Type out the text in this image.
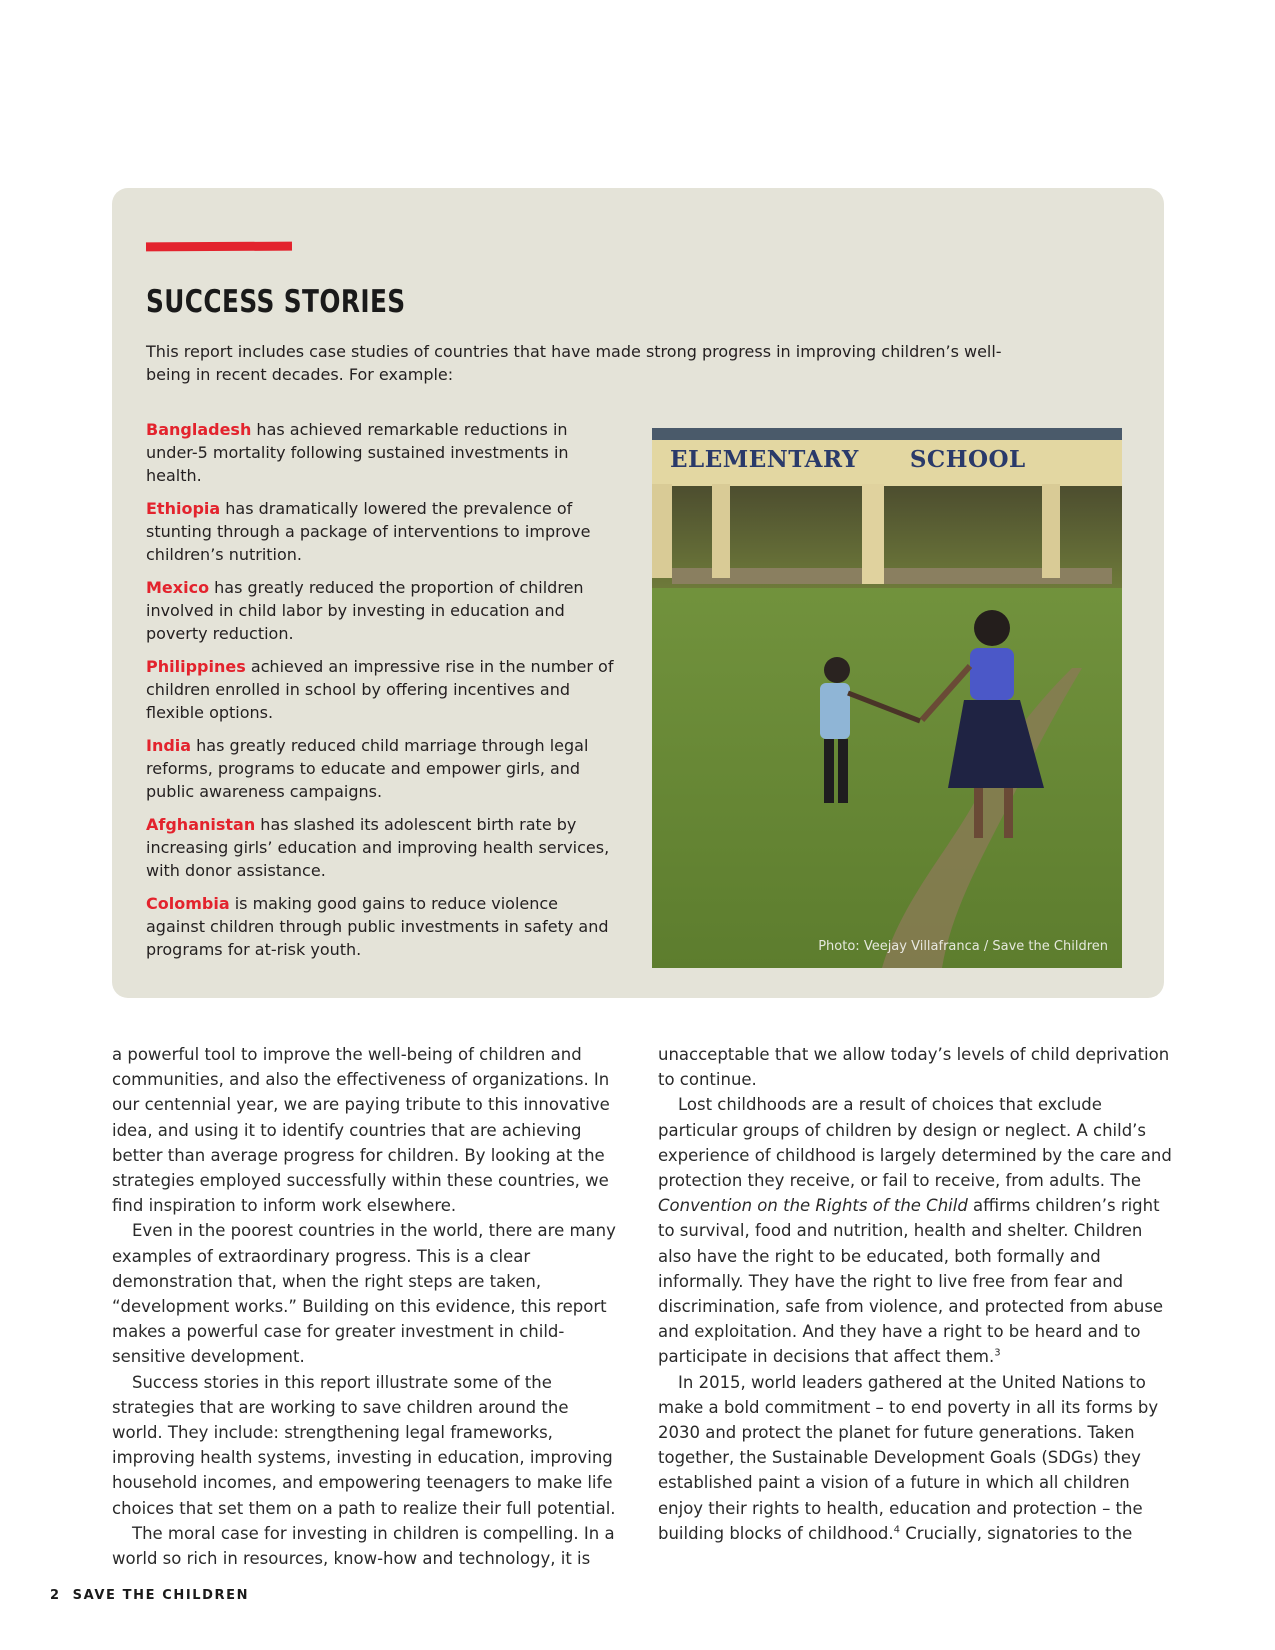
SUCCESS STORIES

This report includes case studies of countries that have made strong progress in improving children’s well-being in recent decades. For example:

Bangladesh has achieved remarkable reductions in under-5 mortality following sustained investments in health.
Ethiopia has dramatically lowered the prevalence of stunting through a package of interventions to improve children’s nutrition.
Mexico has greatly reduced the proportion of children involved in child labor by investing in education and poverty reduction.
Philippines achieved an impressive rise in the number of children enrolled in school by offering incentives and flexible options.
India has greatly reduced child marriage through legal reforms, programs to educate and empower girls, and public awareness campaigns.
Afghanistan has slashed its adolescent birth rate by increasing girls’ education and improving health services, with donor assistance.
Colombia is making good gains to reduce violence against children through public investments in safety and programs for at-risk youth.
ELEMENTARY      SCHOOL
Photo: Veejay Villafranca / Save the Children

a powerful tool to improve the well-being of children and communities, and also the effectiveness of organizations. In our centennial year, we are paying tribute to this innovative idea, and using it to identify countries that are achieving better than average progress for children. By looking at the strategies employed successfully within these countries, we find inspiration to inform work elsewhere.

Even in the poorest countries in the world, there are many examples of extraordinary progress. This is a clear demonstration that, when the right steps are taken, “development works.” Building on this evidence, this report makes a powerful case for greater investment in child-sensitive development.

Success stories in this report illustrate some of the strategies that are working to save children around the world. They include: strengthening legal frameworks, improving health systems, investing in education, improving household incomes, and empowering teenagers to make life choices that set them on a path to realize their full potential.

The moral case for investing in children is compelling. In a world so rich in resources, know-how and technology, it is

unacceptable that we allow today’s levels of child deprivation to continue.

Lost childhoods are a result of choices that exclude particular groups of children by design or neglect. A child’s experience of childhood is largely determined by the care and protection they receive, or fail to receive, from adults. The Convention on the Rights of the Child affirms children’s right to survival, food and nutrition, health and shelter. Children also have the right to be educated, both formally and informally. They have the right to live free from fear and discrimination, safe from violence, and protected from abuse and exploitation. And they have a right to be heard and to participate in decisions that affect them.$^3$

In 2015, world leaders gathered at the United Nations to make a bold commitment – to end poverty in all its forms by 2030 and protect the planet for future generations. Taken together, the Sustainable Development Goals (SDGs) they established paint a vision of a future in which all children enjoy their rights to health, education and protection – the building blocks of childhood.$^4$ Crucially, signatories to the

2 SAVE THE CHILDREN
